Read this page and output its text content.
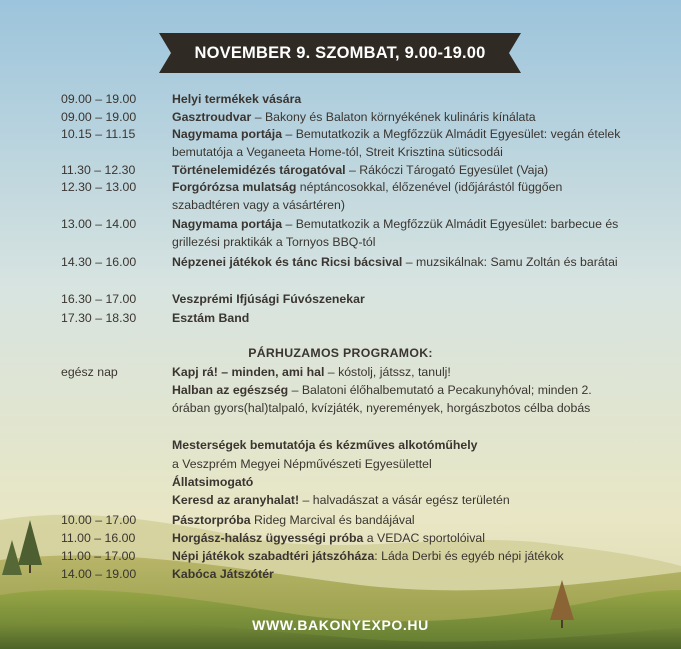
NOVEMBER 9. SZOMBAT, 9.00-19.00
09.00 – 19.00	Helyi termékek vására
09.00 – 19.00	Gasztroudvar – Bakony és Balaton környékének kulináris kínálata
10.15 – 11.15	Nagymama portája – Bemutatkozik a Megfőzzük Almádit Egyesület: vegán ételek bemutatója a Veganeeta Home-tól, Streit Krisztina süticsodái
11.30 – 12.30	Történelemidézés tárogatóval – Rákóczi Tárogató Egyesület (Vaja)
12.30 – 13.00	Forgórózsa mulatság néptáncosokkal, élőzenével (időjárástól függően szabadtéren vagy a vásártéren)
13.00 – 14.00	Nagymama portája – Bemutatkozik a Megfőzzük Almádit Egyesület: barbecue és grillezési praktikák a Tornyos BBQ-tól
14.30 – 16.00	Népzenei játékok és tánc Ricsi bácsival – muzsikálnak: Samu Zoltán és barátai
16.30 – 17.00	Veszprémi Ifjúsági Fúvószenekar
17.30 – 18.30	Esztám Band
PÁRHUZAMOS PROGRAMOK:
egész nap	Kapj rá! – minden, ami hal – kóstolj, játssz, tanulj!
Halban az egészség – Balatoni élőhalbemutató a Pecakunyhóval; minden 2. órában gyors(hal)talpaló, kvízjáték, nyeremények, horgászbotos célba dobás
Mesterségek bemutatója és kézműves alkotóműhely
a Veszprém Megyei Népművészeti Egyesülettel
Állatsimogató
Keresd az aranyhalat! – halvadászat a vásár egész területén
10.00 – 17.00	Pásztorpróba Rideg Marcival és bandájával
11.00 – 16.00	Horgász-halász ügyességi próba a VEDAC sportolóival
11.00 – 17.00	Népi játékok szabadtéri játszóháza: Láda Derbi és egyéb népi játékok
14.00 – 19.00	Kabóca Játszótér
WWW.BAKONYEXPO.HU
